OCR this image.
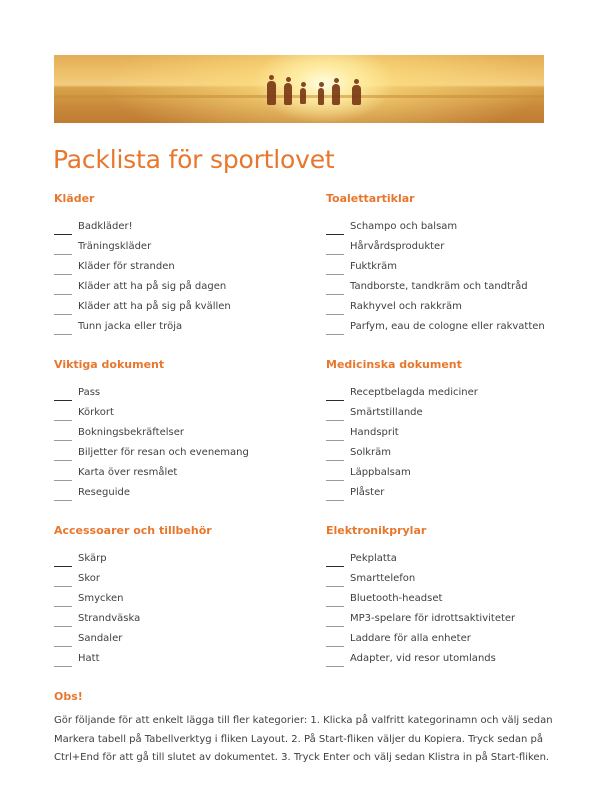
Packlista för sportlovet
Kläder
Badkläder!
Träningskläder
Kläder för stranden
Kläder att ha på sig på dagen
Kläder att ha på sig på kvällen
Tunn jacka eller tröja
Toalettartiklar
Schampo och balsam
Hårvårdsprodukter
Fuktkräm
Tandborste, tandkräm och tandtråd
Rakhyvel och rakkräm
Parfym, eau de cologne eller rakvatten
Viktiga dokument
Pass
Körkort
Bokningsbekräftelser
Biljetter för resan och evenemang
Karta över resmålet
Reseguide
Medicinska dokument
Receptbelagda mediciner
Smärtstillande
Handsprit
Solkräm
Läppbalsam
Plåster
Accessoarer och tillbehör
Skärp
Skor
Smycken
Strandväska
Sandaler
Hatt
Elektronikprylar
Pekplatta
Smarttelefon
Bluetooth-headset
MP3-spelare för idrottsaktiviteter
Laddare för alla enheter
Adapter, vid resor utomlands
Obs!

Gör följande för att enkelt lägga till fler kategorier: 1. Klicka på valfritt kategorinamn och välj sedan Markera tabell på Tabellverktyg i fliken Layout. 2. På Start-fliken väljer du Kopiera. Tryck sedan på Ctrl+End för att gå till slutet av dokumentet. 3. Tryck Enter och välj sedan Klistra in på Start-fliken.
